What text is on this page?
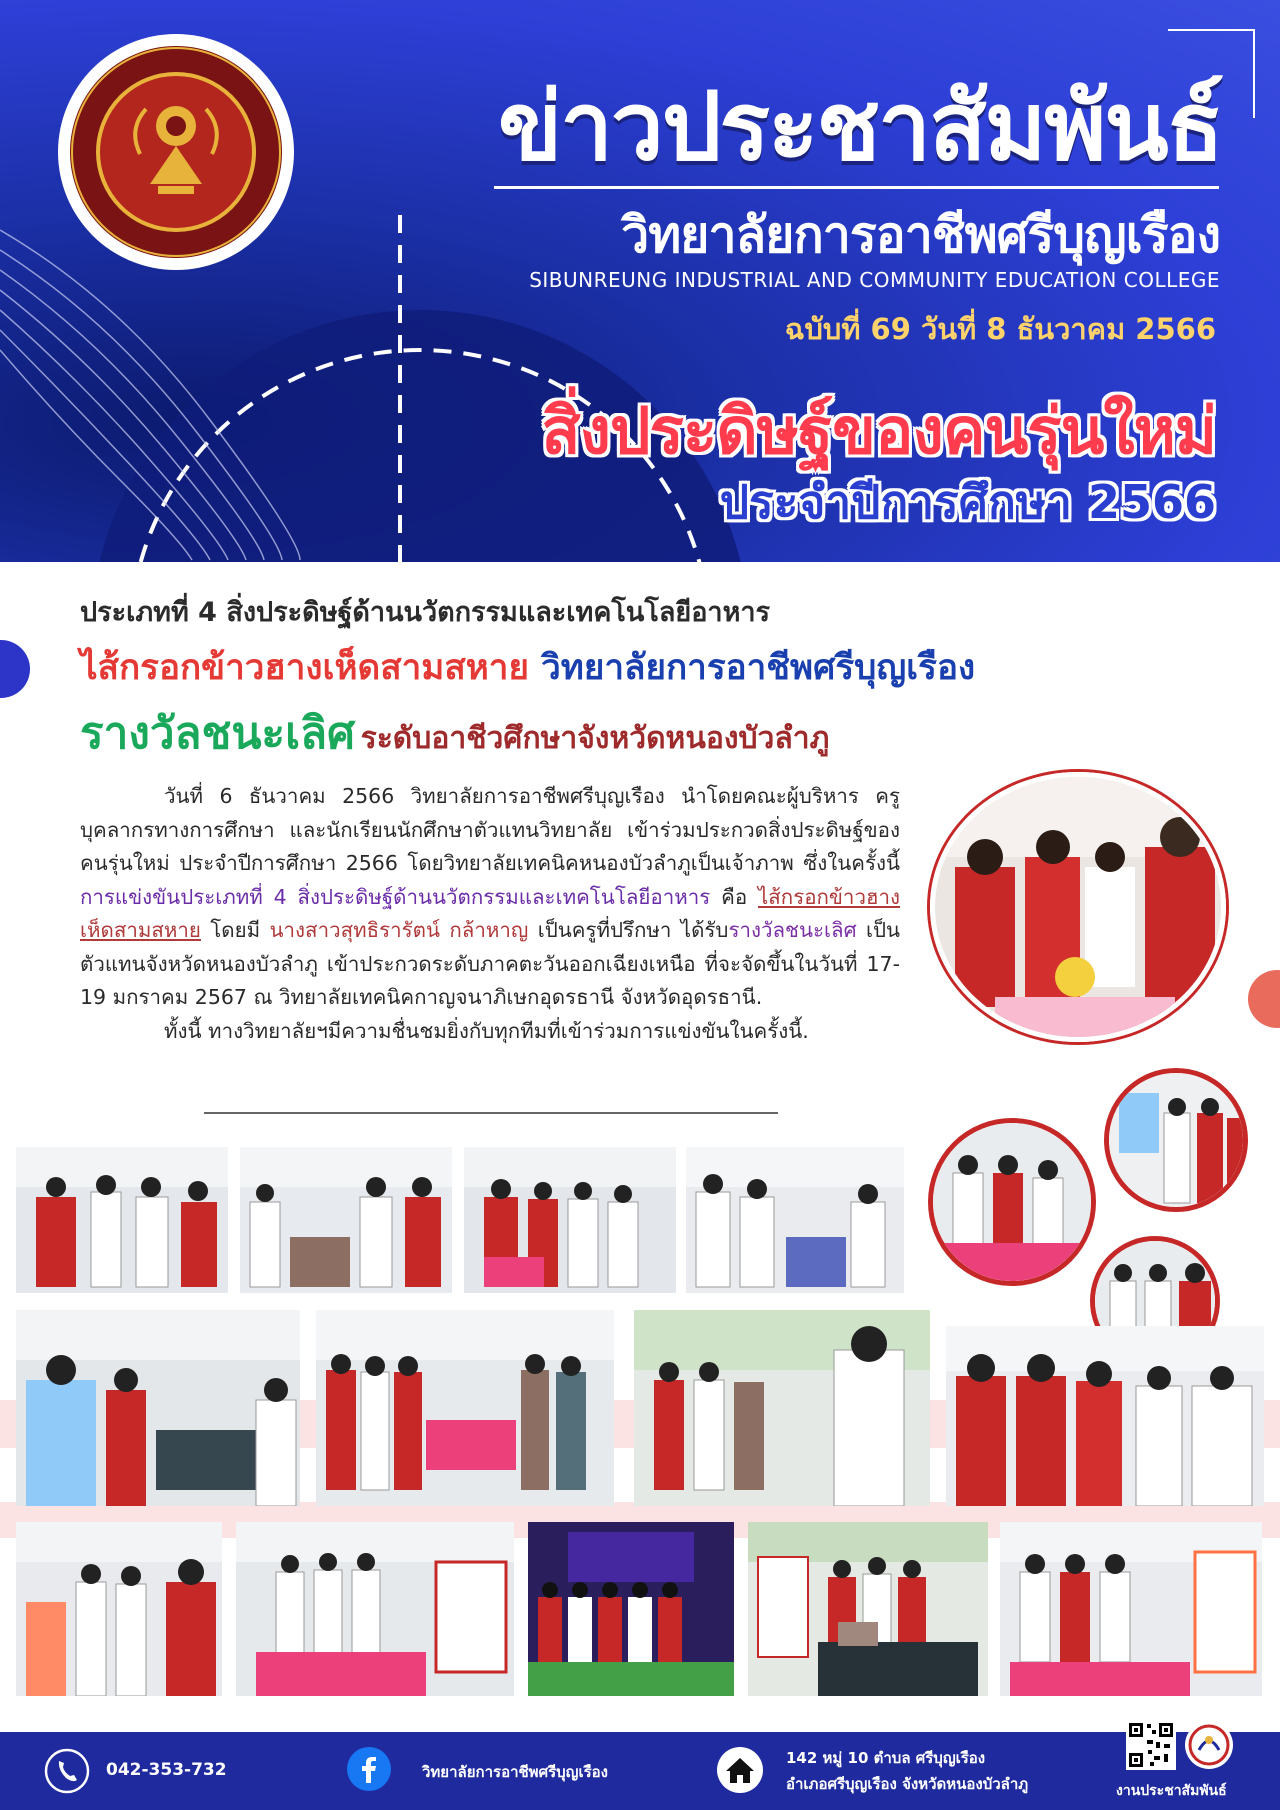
ข่าวประชาสัมพันธ์
วิทยาลัยการอาชีพศรีบุญเรือง
SIBUNREUNG INDUSTRIAL AND COMMUNITY EDUCATION COLLEGE
ฉบับที่ 69 วันที่ 8 ธันวาคม 2566
สิ่งประดิษฐ์ของคนรุ่นใหม่
ประจำปีการศึกษา 2566
ประเภทที่ 4 สิ่งประดิษฐ์ด้านนวัตกรรมและเทคโนโลยีอาหาร
ไส้กรอกข้าวฮางเห็ดสามสหาย วิทยาลัยการอาชีพศรีบุญเรือง
รางวัลชนะเลิศ ระดับอาชีวศึกษาจังหวัดหนองบัวลำภู

วันที่ 6 ธันวาคม 2566 วิทยาลัยการอาชีพศรีบุญเรือง นำโดยคณะผู้บริหาร ครู บุคลากรทางการศึกษา และนักเรียนนักศึกษาตัวแทนวิทยาลัย เข้าร่วมประกวดสิ่งประดิษฐ์ของคนรุ่นใหม่ ประจำปีการศึกษา 2566 โดยวิทยาลัยเทคนิคหนองบัวลำภูเป็นเจ้าภาพ ซึ่งในครั้งนี้ การแข่งขันประเภทที่ 4 สิ่งประดิษฐ์ด้านนวัตกรรมและเทคโนโลยีอาหาร คือ ไส้กรอกข้าวฮางเห็ดสามสหาย โดยมี นางสาวสุทธิรารัตน์ กล้าหาญ เป็นครูที่ปรึกษา ได้รับรางวัลชนะเลิศ เป็นตัวแทนจังหวัดหนองบัวลำภู เข้าประกวดระดับภาคตะวันออกเฉียงเหนือ ที่จะจัดขึ้นในวันที่ 17-19 มกราคม 2567 ณ วิทยาลัยเทคนิคกาญจนาภิเษกอุดรธานี จังหวัดอุดรธานี.

ทั้งนี้ ทางวิทยาลัยฯมีความชื่นชมยิ่งกับทุกทีมที่เข้าร่วมการแข่งขันในครั้งนี้.

042-353-732	วิทยาลัยการอาชีพศรีบุญเรือง
142 หมู่ 10 ตำบล ศรีบุญเรือง
อำเภอศรีบุญเรือง จังหวัดหนองบัวลำภู	งานประชาสัมพันธ์
